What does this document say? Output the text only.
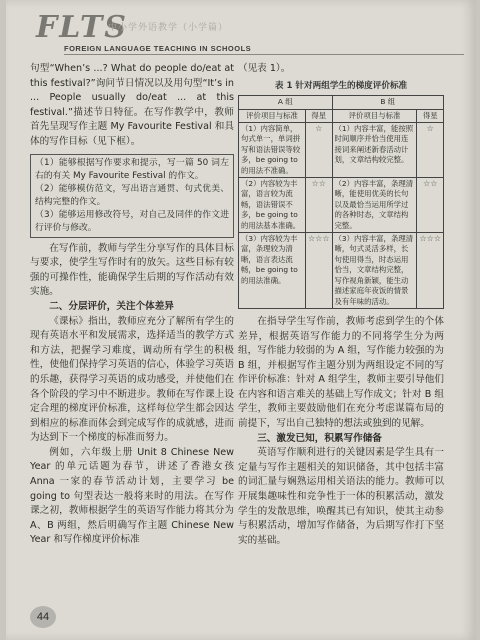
FLTS
中小学外语教学（小学篇）
FOREIGN LANGUAGE TEACHING IN SCHOOLS

句型“When’s ...? What do people do/eat at this festival?”询问节日情况以及用句型“It’s in ... People usually do/eat ... at this festival.”描述节日特征。在写作教学中，教师首先呈现写作主题 My Favourite Festival 和具体的写作目标（见下框）。

（1）能够根据写作要求和提示，写一篇 50 词左右的有关 My Favourite Festival 的作文。
（2）能够模仿范文，写出语言通贯、句式优美、结构完整的作文。
（3）能够运用修改符号，对自己及同伴的作文进行评价与修改。

在写作前，教师与学生分享写作的具体目标与要求，使学生写作时有的放矢。这些目标有较强的可操作性，能确保学生后期的写作活动有效实施。

二、分层评价，关注个体差异

《课标》指出，教师应充分了解所有学生的现有英语水平和发展需求，选择适当的教学方式和方法，把握学习难度，调动所有学生的积极性，使他们保持学习英语的信心，体验学习英语的乐趣，获得学习英语的成功感受，并使他们在各个阶段的学习中不断进步。教师在写作课上设定合理的梯度评价标准，这样每位学生都会因达到相应的标准而体会到完成写作的成就感，进而为达到下一个梯度的标准而努力。

例如，六年级上册 Unit 8 Chinese New Year 的单元话题为春节，讲述了香港女孩 Anna 一家的春节活动计划，主要学习 be going to 句型表达一般将来时的用法。在写作课之初，教师根据学生的英语写作能力将其分为 A、B 两组，然后明确写作主题 Chinese New Year 和写作梯度评价标准

（见表 1）。

表 1 针对两组学生的梯度评价标准
A 组		B 组	
评价项目与标准	得星	评价项目与标准	得星
（1）内容简单，句式单一，单词拼写和语法错误等较多，be going to 的用法不准确。	☆	（1）内容丰富，能按照时间顺序并恰当使用连接词来阐述新春活动计划，文章结构较完整。	☆
（2）内容较为丰富，语言较为流畅，语法错误不多，be going to 的用法基本准确。	☆☆	（2）内容丰富，条理清晰，能使用优美的长句以及最恰当运用所学过的各种时态，文章结构完整。	☆☆
（3）内容较为丰富，条理较为清晰，语言表达流畅，be going to 的用法准确。	☆☆☆	（3）内容丰富，条理清晰，句式灵活多样，长句使用得当，时态运用恰当，文章结构完整，写作视角新颖，能生动描述家庭年夜饭的情景及有年味的活动。	☆☆☆

在指导学生写作前，教师考虑到学生的个体差异，根据英语写作能力的不同将学生分为两组，写作能力较弱的为 A 组，写作能力较强的为 B 组，并根据写作主题分别为两组设定不同的写作评价标准：针对 A 组学生，教师主要引导他们在内容和语言难关的基础上写作成文；针对 B 组学生，教师主要鼓励他们在充分考虑谋篇布局的前提下，写出自己独特的想法或独到的见解。

三、激发已知，积累写作储备

英语写作顺利进行的关键因素是学生具有一定量与写作主题相关的知识储备，其中包括丰富的词汇量与娴熟运用相关语法的能力。教师可以开展集趣味性和竞争性于一体的积累活动，激发学生的发散思维，唤醒其已有知识，使其主动参与积累活动，增加写作储备，为后期写作打下坚实的基础。

44
